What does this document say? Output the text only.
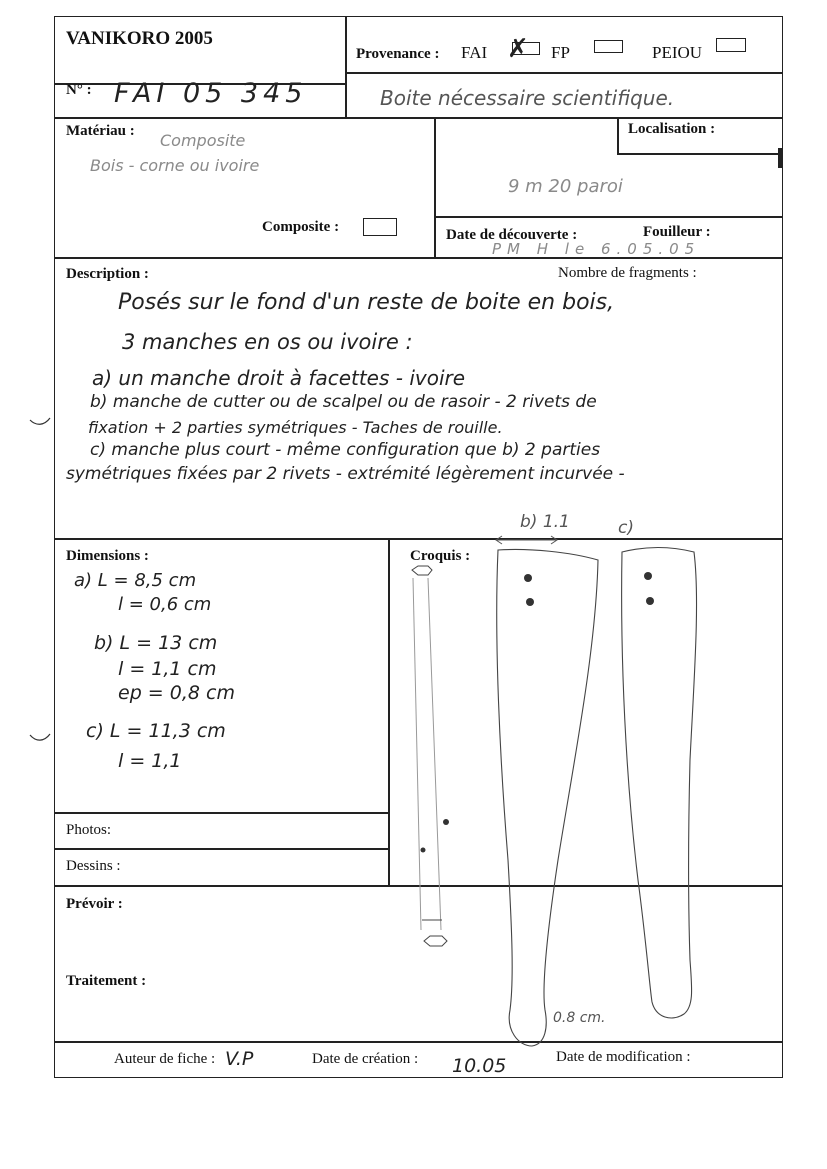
VANIKORO 2005
Provenance : FAI ✗ FP	PEIOU
N° : FAI 05 345	Boite nécessaire scientifique.
Matériau : Composite
Bois - corne ou ivoire
Composite :
Localisation :
9 m 20 paroi
Date de découverte :	Fouilleur :
PM H le 6.05.05
Description :	Nombre de fragments :
Posés sur le fond d'un reste de boite en bois,
3 manches en os ou ivoire :
a) un manche droit à facettes - ivoire
b) manche de cutter ou de scalpel ou de rasoir - 2 rivets de
fixation + 2 parties symétriques - Taches de rouille.
c) manche plus court - même configuration que b) 2 parties
symétriques fixées par 2 rivets - extrémité légèrement incurvée -
Dimensions :
a) L = 8,5 cm
l = 0,6 cm
b) L = 13 cm
l = 1,1 cm
ep = 0,8 cm
c) L = 11,3 cm
l = 1,1
Photos:
Dessins :
Prévoir :
Traitement :
Croquis :
b) 1.1	c)
0.8 cm.
Auteur de fiche : V.P	Date de création : 10.05	Date de modification :
